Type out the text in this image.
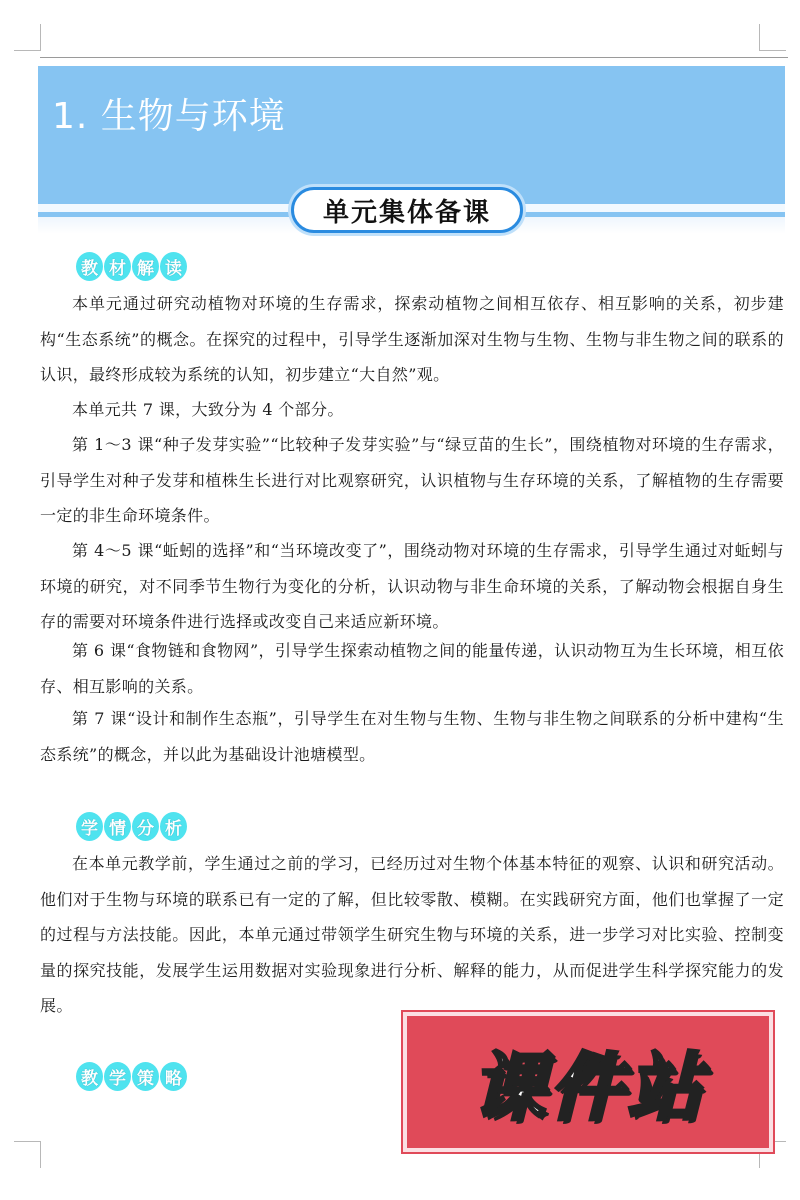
1. 生物与环境
单元集体备课
教 材 解 读

本单元通过研究动植物对环境的生存需求，探索动植物之间相互依存、相互影响的关系，初步建构“生态系统”的概念。在探究的过程中，引导学生逐渐加深对生物与生物、生物与非生物之间的联系的认识，最终形成较为系统的认知，初步建立“大自然”观。

本单元共 7 课，大致分为 4 个部分。

第 1～3 课“种子发芽实验”“比较种子发芽实验”与“绿豆苗的生长”，围绕植物对环境的生存需求，引导学生对种子发芽和植株生长进行对比观察研究，认识植物与生存环境的关系，了解植物的生存需要一定的非生命环境条件。

第 4～5 课“蚯蚓的选择”和“当环境改变了”，围绕动物对环境的生存需求，引导学生通过对蚯蚓与环境的研究，对不同季节生物行为变化的分析，认识动物与非生命环境的关系，了解动物会根据自身生存的需要对环境条件进行选择或改变自己来适应新环境。

第 6 课“食物链和食物网”，引导学生探索动植物之间的能量传递，认识动物互为生长环境，相互依存、相互影响的关系。

第 7 课“设计和制作生态瓶”，引导学生在对生物与生物、生物与非生物之间联系的分析中建构“生态系统”的概念，并以此为基础设计池塘模型。

学 情 分 析

在本单元教学前，学生通过之前的学习，已经历过对生物个体基本特征的观察、认识和研究活动。他们对于生物与环境的联系已有一定的了解，但比较零散、模糊。在实践研究方面，他们也掌握了一定的过程与方法技能。因此，本单元通过带领学生研究生物与环境的关系，进一步学习对比实验、控制变量的探究技能，发展学生运用数据对实验现象进行分析、解释的能力，从而促进学生科学探究能力的发展。

教 学 策 略	课件站
